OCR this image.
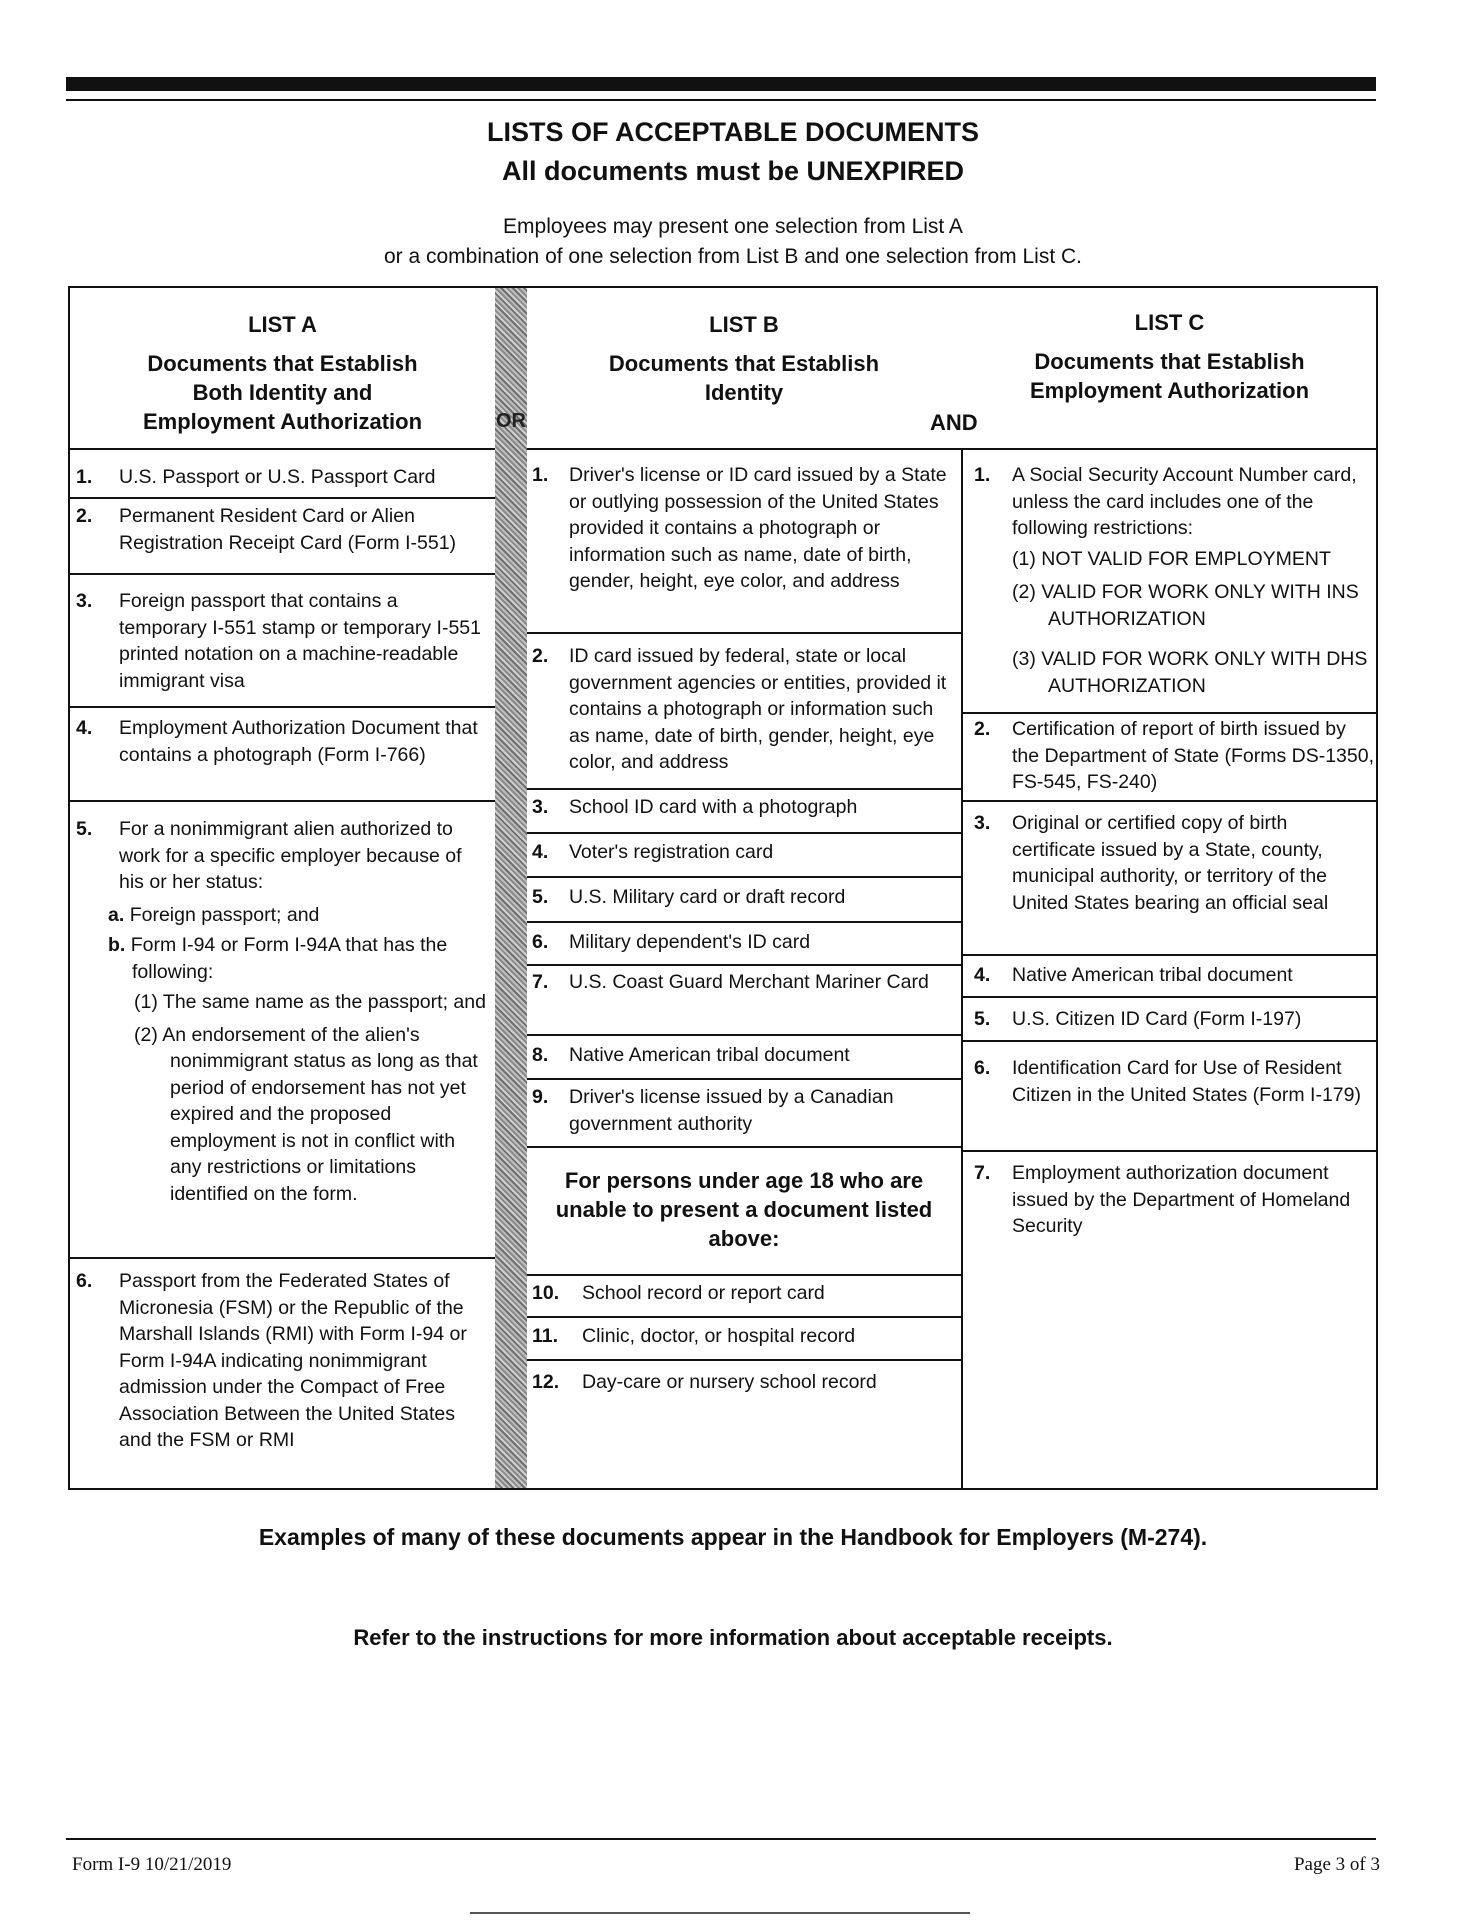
LISTS OF ACCEPTABLE DOCUMENTS
All documents must be UNEXPIRED
Employees may present one selection from List A
or a combination of one selection from List B and one selection from List C.
OR	AND
LIST A
Documents that Establish
Both Identity and
Employment Authorization
LIST B
Documents that Establish
Identity
LIST C
Documents that Establish
Employment Authorization
1. U.S. Passport or U.S. Passport Card
2. Permanent Resident Card or Alien Registration Receipt Card (Form I-551)
3. Foreign passport that contains a temporary I-551 stamp or temporary I-551 printed notation on a machine-readable immigrant visa
4. Employment Authorization Document that contains a photograph (Form I-766)
5. For a nonimmigrant alien authorized to work for a specific employer because of his or her status:
a. Foreign passport; and
b. Form I-94 or Form I-94A that has the following:
(1) The same name as the passport; and
(2) An endorsement of the alien's nonimmigrant status as long as that period of endorsement has not yet expired and the proposed employment is not in conflict with any restrictions or limitations identified on the form.
6. Passport from the Federated States of Micronesia (FSM) or the Republic of the Marshall Islands (RMI) with Form I-94 or Form I-94A indicating nonimmigrant admission under the Compact of Free Association Between the United States and the FSM or RMI
1. Driver's license or ID card issued by a State or outlying possession of the United States provided it contains a photograph or information such as name, date of birth, gender, height, eye color, and address
2. ID card issued by federal, state or local government agencies or entities, provided it contains a photograph or information such as name, date of birth, gender, height, eye color, and address
3. School ID card with a photograph
4. Voter's registration card
5. U.S. Military card or draft record
6. Military dependent's ID card
7. U.S. Coast Guard Merchant Mariner Card
8. Native American tribal document
9. Driver's license issued by a Canadian government authority
For persons under age 18 who are unable to present a document listed above:
10. School record or report card
11. Clinic, doctor, or hospital record
12. Day-care or nursery school record
1. A Social Security Account Number card, unless the card includes one of the following restrictions:
(1) NOT VALID FOR EMPLOYMENT
(2) VALID FOR WORK ONLY WITH INS AUTHORIZATION
(3) VALID FOR WORK ONLY WITH DHS AUTHORIZATION
2. Certification of report of birth issued by the Department of State (Forms DS-1350, FS-545, FS-240)
3. Original or certified copy of birth certificate issued by a State, county, municipal authority, or territory of the United States bearing an official seal
4. Native American tribal document
5. U.S. Citizen ID Card (Form I-197)
6. Identification Card for Use of Resident Citizen in the United States (Form I-179)
7. Employment authorization document issued by the Department of Homeland Security
Examples of many of these documents appear in the Handbook for Employers (M-274).
Refer to the instructions for more information about acceptable receipts.
Form I-9 10/21/2019	Page 3 of 3
